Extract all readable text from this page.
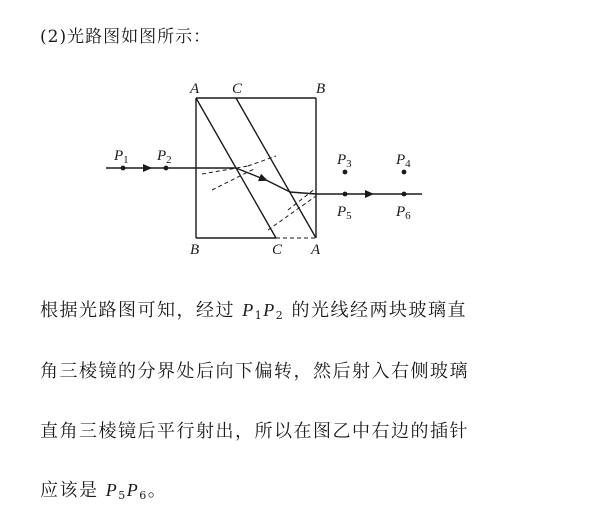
(2)光路图如图所示：
A C	B
B	C A
$P_1$ $P_2$	$P_3$	$P_4$
$P_5$	$P_6$
根据光路图可知，经过 P1P2 的光线经两块玻璃直
角三棱镜的分界处后向下偏转，然后射入右侧玻璃
直角三棱镜后平行射出，所以在图乙中右边的插针
应该是 P5P6。
